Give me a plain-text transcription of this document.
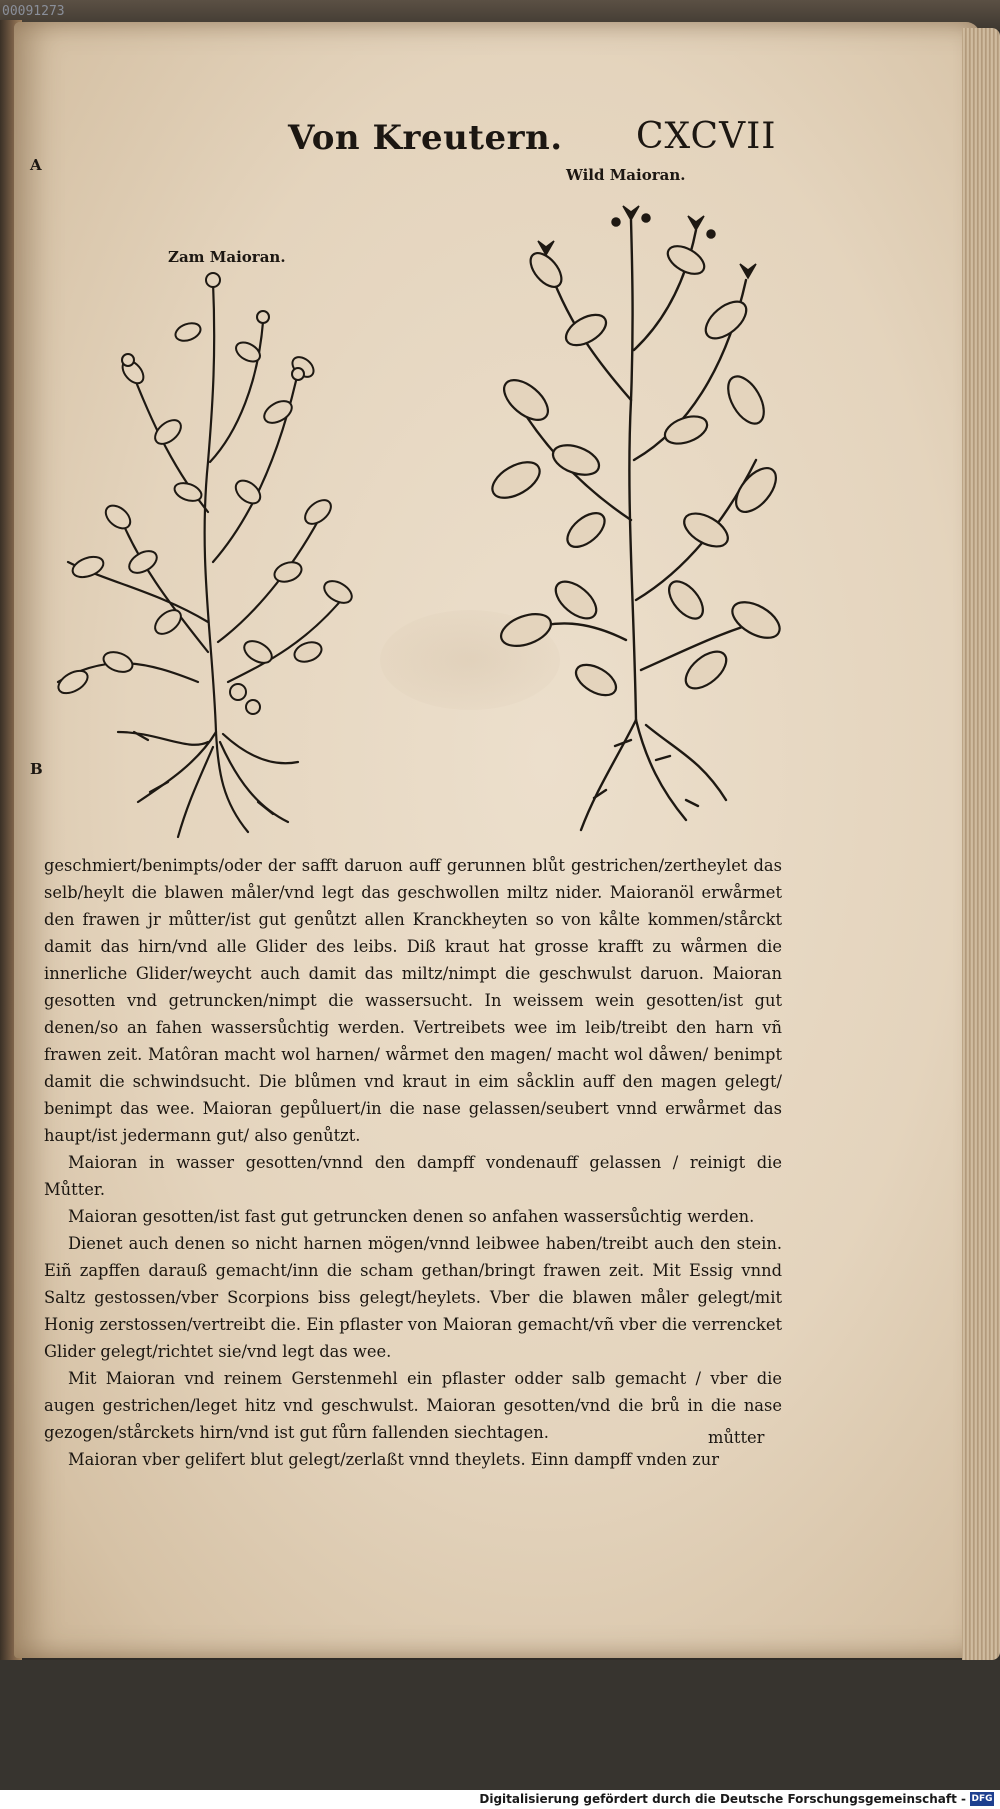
00091273
Von Kreutern. CXCVII
A
B
Zam Maioran.
Wild Maioran.

geschmiert/benimpts/oder der safft daruon auff gerunnen blůt gestrichen/zertheylet das selb/heylt die blawen måler/vnd legt das geschwollen miltz nider. Maioranöl erwårmet den frawen jr můtter/ist gut genůtzt allen Kranckheyten so von kålte kommen/stårckt damit das hirn/vnd alle Glider des leibs. Diß kraut hat grosse krafft zu wårmen die innerliche Glider/weycht auch damit das miltz/nimpt die geschwulst daruon. Maioran gesotten vnd getruncken/nimpt die wassersucht. In weissem wein gesotten/ist gut denen/so an fahen wassersůchtig werden. Vertreibets wee im leib/treibt den harn vñ frawen zeit. Matôran macht wol harnen/ wårmet den magen/ macht wol dåwen/ benimpt damit die schwindsucht. Die blůmen vnd kraut in eim såcklin auff den magen gelegt/ benimpt das wee. Maioran gepůluert/in die nase gelassen/seubert vnnd erwårmet das haupt/ist jedermann gut/ also genůtzt.

Maioran in wasser gesotten/vnnd den dampff vondenauff gelassen / reinigt die Můtter.

Maioran gesotten/ist fast gut getruncken denen so anfahen wassersůchtig werden.

Dienet auch denen so nicht harnen mögen/vnnd leibwee haben/treibt auch den stein. Eiñ zapffen darauß gemacht/inn die scham gethan/bringt frawen zeit. Mit Essig vnnd Saltz gestossen/vber Scorpions biss gelegt/heylets. Vber die blawen måler gelegt/mit Honig zerstossen/vertreibt die. Ein pflaster von Maioran gemacht/vñ vber die verrencket Glider gelegt/richtet sie/vnd legt das wee.

Mit Maioran vnd reinem Gerstenmehl ein pflaster odder salb gemacht / vber die augen gestrichen/leget hitz vnd geschwulst. Maioran gesotten/vnd die brů in die nase gezogen/stårckets hirn/vnd ist gut fůrn fallenden siechtagen.

Maioran vber gelifert blut gelegt/zerlaßt vnnd theylets. Einn dampff vnden zur

můtter
Digitalisierung gefördert durch die Deutsche Forschungsgemeinschaft - DFG
